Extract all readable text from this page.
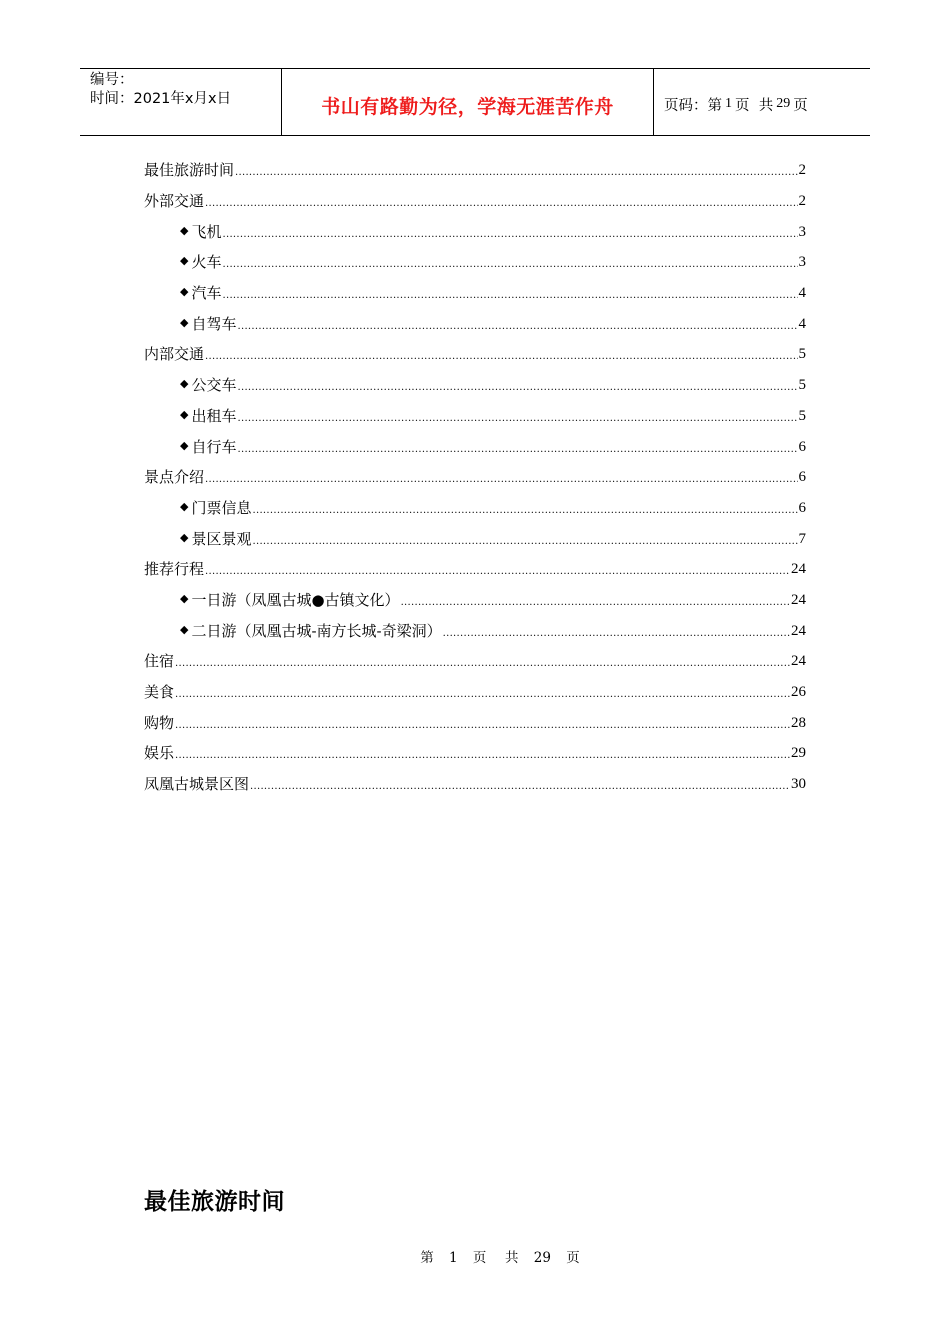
编号：
时间：2021年x月x日	书山有路勤为径，学海无涯苦作舟	页码：第 1 页  共 29 页
最佳旅游时间 .....	2
外部交通 .....	2
◆ 飞机 .....	3
◆ 火车 .....	3
◆ 汽车 .....	4
◆ 自驾车 .....	4
内部交通 .....	5
◆ 公交车 .....	5
◆ 出租车 .....	5
◆ 自行车 .....	6
景点介绍 .....	6
◆ 门票信息 .....	6
◆ 景区景观 .....	7
推荐行程 .....	24
◆ 一日游（凤凰古城●古镇文化） .....	24
◆ 二日游（凤凰古城-南方长城-奇梁洞） .....	24
住宿 .....	24
美食 .....	26
购物 .....	28
娱乐 .....	29
凤凰古城景区图 .....	30
最佳旅游时间
第 1 页  共 29 页
